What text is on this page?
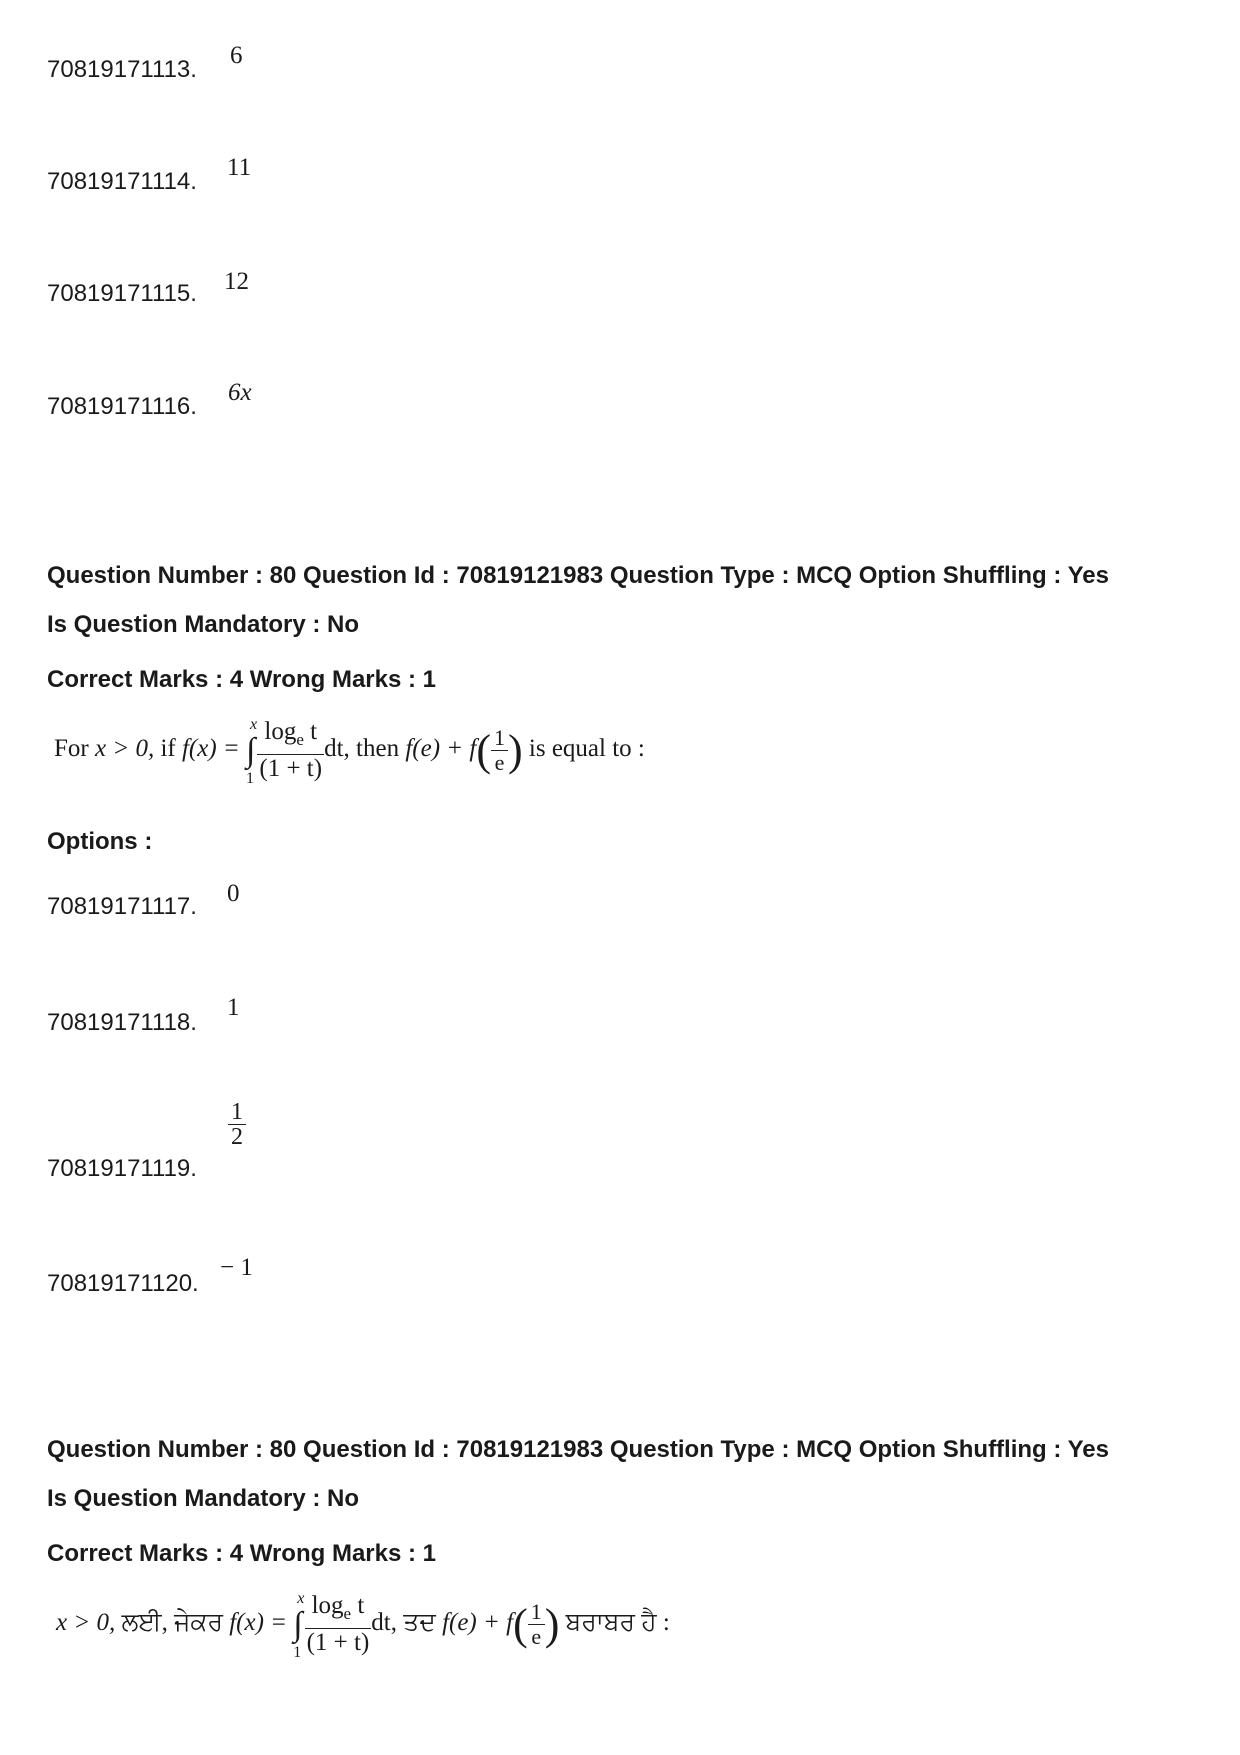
70819171113.
6
70819171114.
11
70819171115. 12
70819171116.
6x
Question Number : 80 Question Id : 70819121983 Question Type : MCQ Option Shuffling : Yes
Is Question Mandatory : No
Correct Marks : 4 Wrong Marks : 1
For x > 0, if f(x) = ∫
x
$1 \frac{\log_e t}{(1 + t)}$ dt, then $f(e) + f( \frac{1}{e}$ ) is equal to :
Options :
70819171117. 0
70819171118.
1
70819171119.
$\frac{1}{2}$
70819171120.
− 1
Question Number : 80 Question Id : 70819121983 Question Type : MCQ Option Shuffling : Yes
Is Question Mandatory : No
Correct Marks : 4 Wrong Marks : 1
x > 0, ਲਈ, ਜੇਕਰ f(x) = ∫
x
$1 \frac{\log_e t}{(1 + t)}$ dt, ਤਦ $f(e) + f( \frac{1}{e}$ ) ਬਰਾਬਰ ਹੈ :
